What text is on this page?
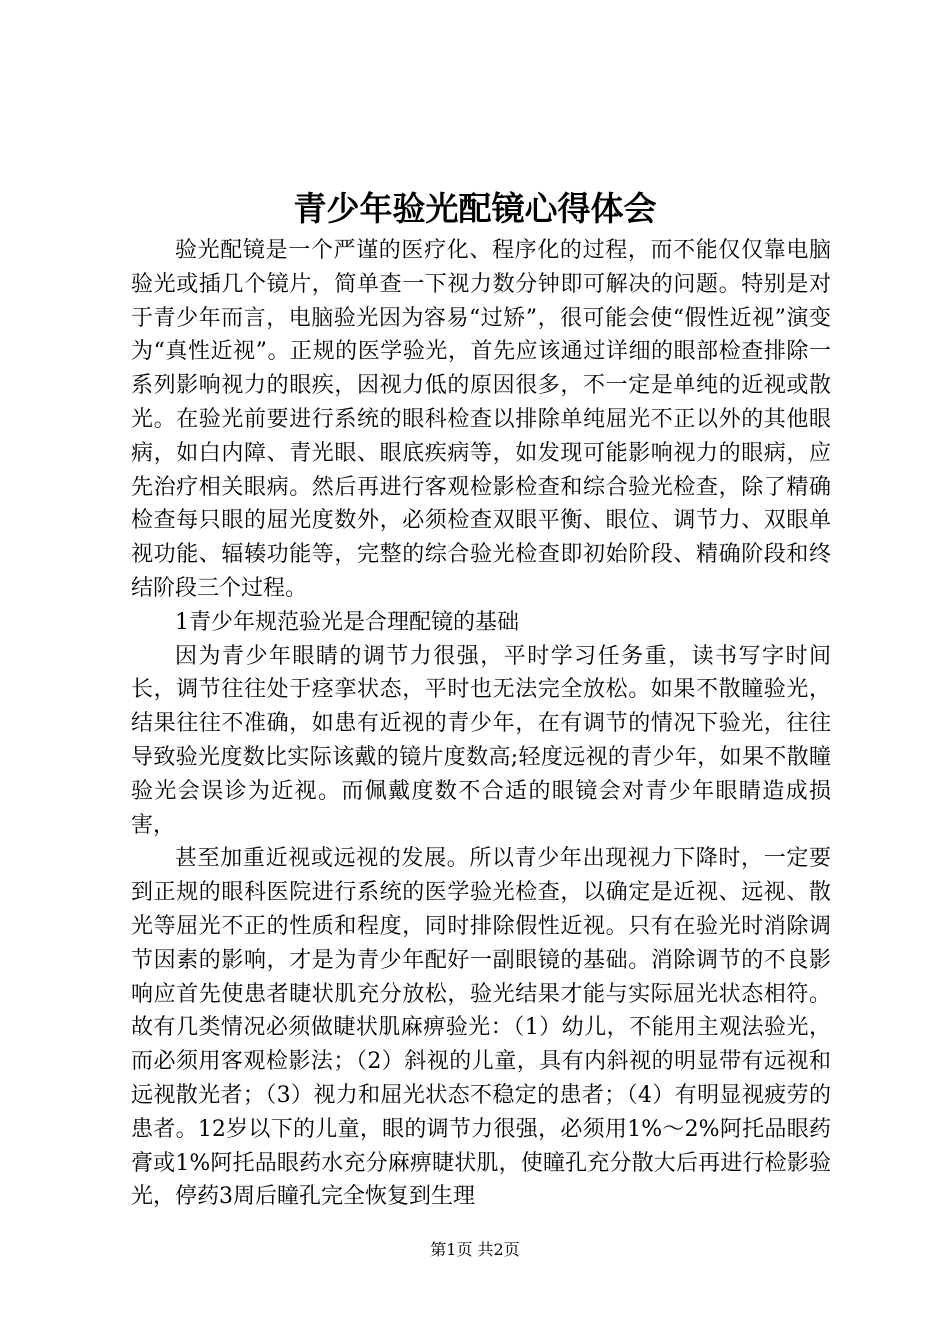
青少年验光配镜心得体会

验光配镜是一个严谨的医疗化、程序化的过程，而不能仅仅靠电脑验光或插几个镜片，简单查一下视力数分钟即可解决的问题。特别是对于青少年而言，电脑验光因为容易“过矫”，很可能会使“假性近视”演变为“真性近视”。正规的医学验光，首先应该通过详细的眼部检查排除一系列影响视力的眼疾，因视力低的原因很多，不一定是单纯的近视或散光。在验光前要进行系统的眼科检查以排除单纯屈光不正以外的其他眼病，如白内障、青光眼、眼底疾病等，如发现可能影响视力的眼病，应先治疗相关眼病。然后再进行客观检影检查和综合验光检查，除了精确检查每只眼的屈光度数外，必须检查双眼平衡、眼位、调节力、双眼单视功能、辐辏功能等，完整的综合验光检查即初始阶段、精确阶段和终结阶段三个过程。

1青少年规范验光是合理配镜的基础

因为青少年眼睛的调节力很强，平时学习任务重，读书写字时间长，调节往往处于痉挛状态，平时也无法完全放松。如果不散瞳验光，结果往往不准确，如患有近视的青少年，在有调节的情况下验光，往往导致验光度数比实际该戴的镜片度数高;轻度远视的青少年，如果不散瞳验光会误诊为近视。而佩戴度数不合适的眼镜会对青少年眼睛造成损害，

甚至加重近视或远视的发展。所以青少年出现视力下降时，一定要到正规的眼科医院进行系统的医学验光检查，以确定是近视、远视、散光等屈光不正的性质和程度，同时排除假性近视。只有在验光时消除调节因素的影响，才是为青少年配好一副眼镜的基础。消除调节的不良影响应首先使患者睫状肌充分放松，验光结果才能与实际屈光状态相符。故有几类情况必须做睫状肌麻痹验光：（1）幼儿，不能用主观法验光，而必须用客观检影法；（2）斜视的儿童，具有内斜视的明显带有远视和远视散光者；（3）视力和屈光状态不稳定的患者；（4）有明显视疲劳的患者。12岁以下的儿童，眼的调节力很强，必须用1%～2%阿托品眼药膏或1%阿托品眼药水充分麻痹睫状肌，使瞳孔充分散大后再进行检影验光，停药3周后瞳孔完全恢复到生理

第1页 共2页
